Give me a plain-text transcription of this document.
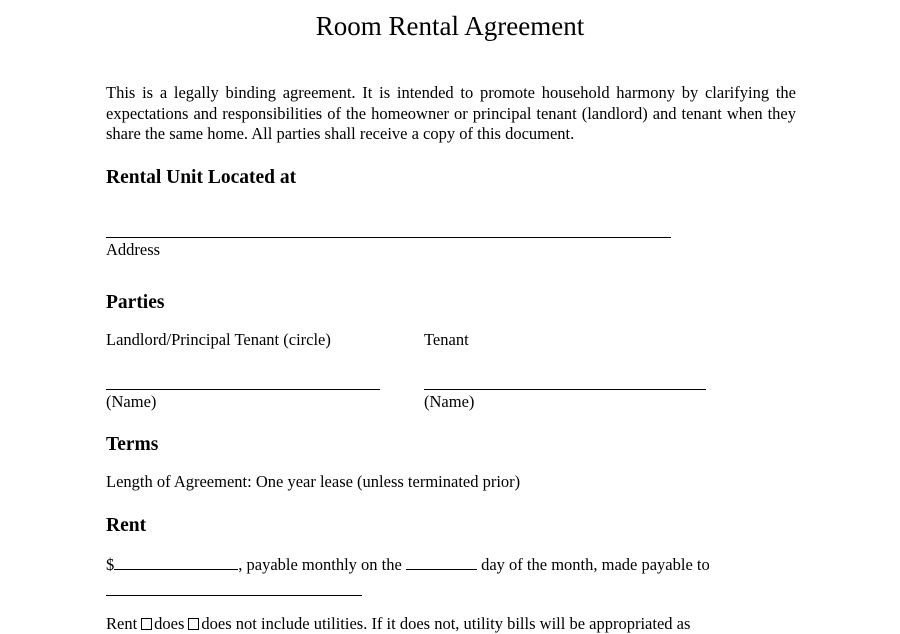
Room Rental Agreement
This is a legally binding agreement. It is intended to promote household harmony by clarifying the expectations and responsibilities of the homeowner or principal tenant (landlord) and tenant when they share the same home. All parties shall receive a copy of this document.
Rental Unit Located at
Address
Parties
Landlord/Principal Tenant (circle)	Tenant
(Name)	(Name)
Terms
Length of Agreement: One year lease (unless terminated prior)
Rent
$	, payable monthly on the	day of the month, made payable to
Rent does does not include utilities. If it does not, utility bills will be appropriated as
